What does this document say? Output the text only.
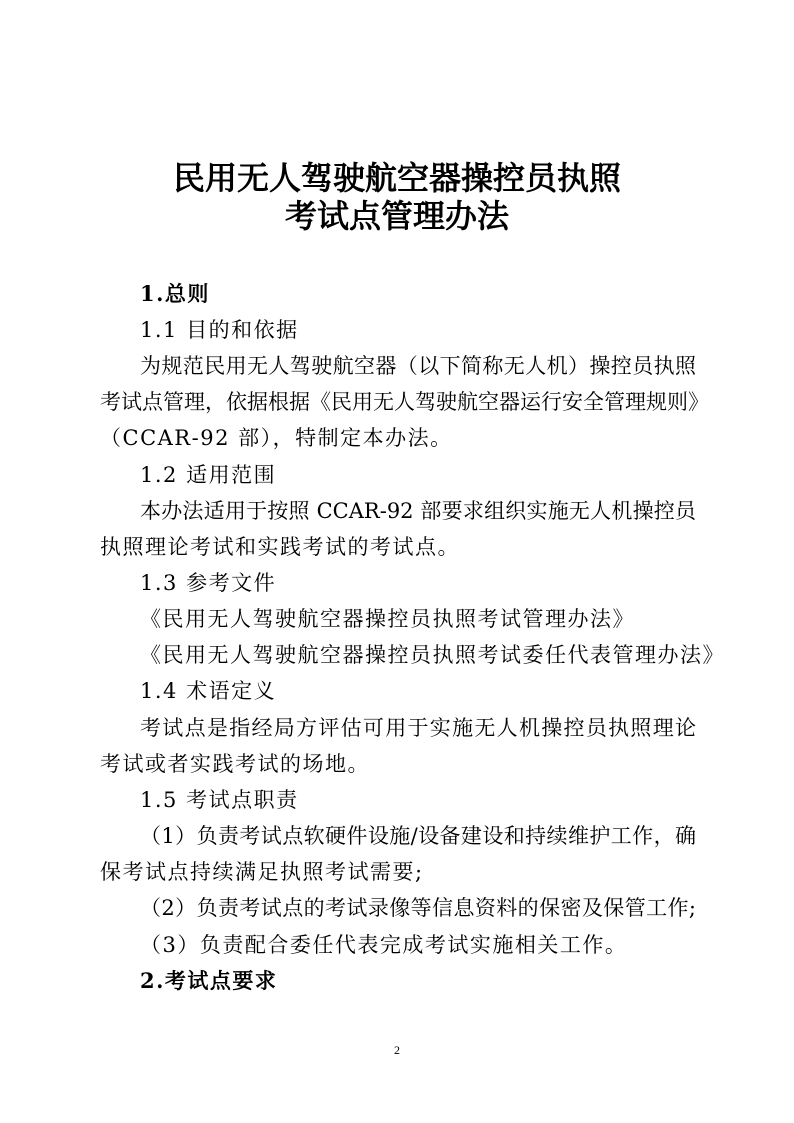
民用无人驾驶航空器操控员执照
考试点管理办法
1.总则
1.1 目的和依据
为规范民用无人驾驶航空器（以下简称无人机）操控员执照
考试点管理，依据根据《民用无人驾驶航空器运行安全管理规则》
（CCAR-92 部），特制定本办法。
1.2 适用范围
本办法适用于按照 CCAR-92 部要求组织实施无人机操控员
执照理论考试和实践考试的考试点。
1.3 参考文件
《民用无人驾驶航空器操控员执照考试管理办法》
《民用无人驾驶航空器操控员执照考试委任代表管理办法》
1.4 术语定义
考试点是指经局方评估可用于实施无人机操控员执照理论
考试或者实践考试的场地。
1.5 考试点职责
（1）负责考试点软硬件设施/设备建设和持续维护工作，确
保考试点持续满足执照考试需要;
（2）负责考试点的考试录像等信息资料的保密及保管工作;
（3）负责配合委任代表完成考试实施相关工作。
2.考试点要求
2
